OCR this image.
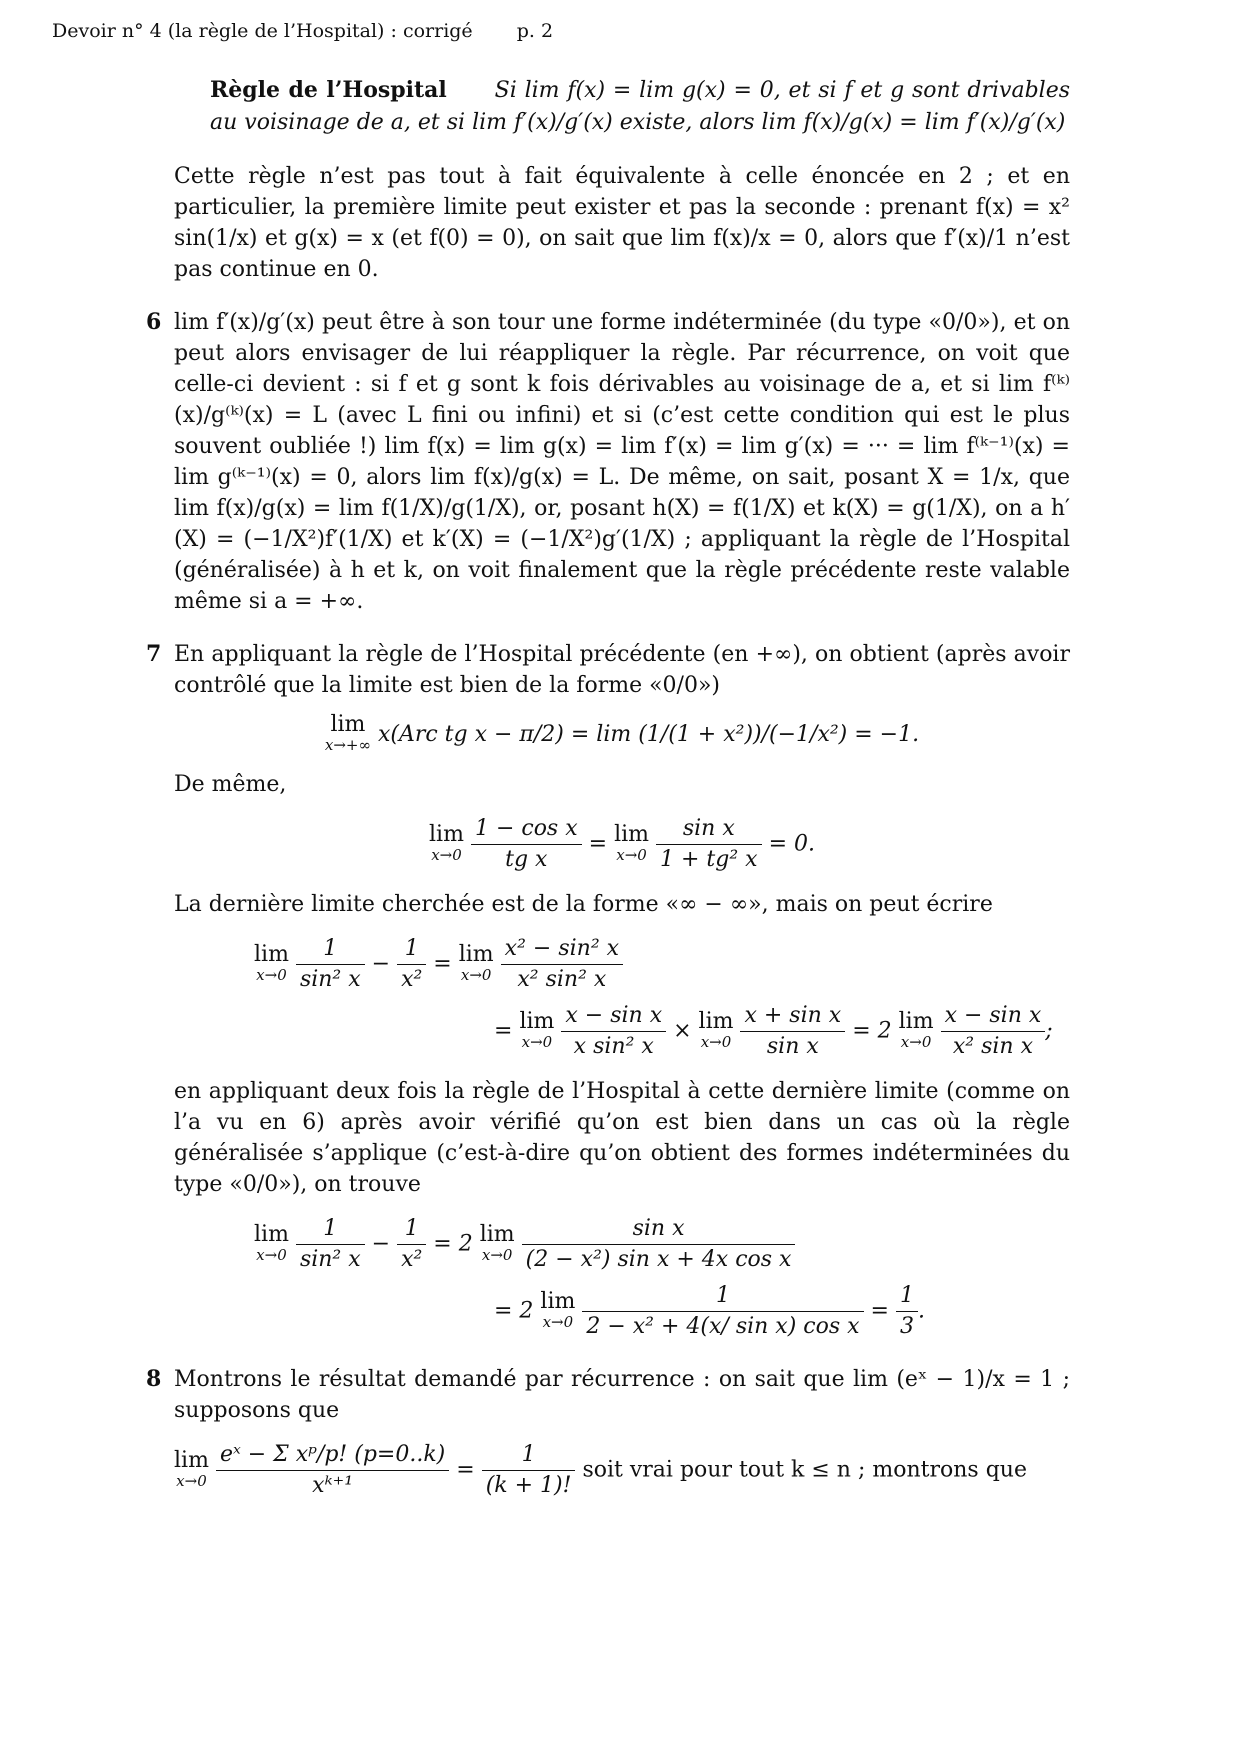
Devoir n° 4 (la règle de l’Hospital) : corrigé p. 2

Règle de l’Hospital Si lim f(x) = lim g(x) = 0, et si f et g sont drivables au voisinage de a, et si lim f′(x)/g′(x) existe, alors lim f(x)/g(x) = lim f′(x)/g′(x)

Cette règle n’est pas tout à fait équivalente à celle énoncée en 2 ; et en particulier, la première limite peut exister et pas la seconde : prenant f(x) = x² sin(1/x) et g(x) = x (et f(0) = 0), on sait que lim f(x)/x = 0, alors que f′(x)/1 n’est pas continue en 0.

6 lim f′(x)/g′(x) peut être à son tour une forme indéterminée (du type «0/0»), et on peut alors envisager de lui réappliquer la règle. Par récurrence, on voit que celle-ci devient : si f et g sont k fois dérivables au voisinage de a, et si lim f⁽ᵏ⁾(x)/g⁽ᵏ⁾(x) = L (avec L fini ou infini) et si (c’est cette condition qui est le plus souvent oubliée !) lim f(x) = lim g(x) = lim f′(x) = lim g′(x) = ··· = lim f⁽ᵏ⁻¹⁾(x) = lim g⁽ᵏ⁻¹⁾(x) = 0, alors lim f(x)/g(x) = L. De même, on sait, posant X = 1/x, que lim f(x)/g(x) = lim f(1/X)/g(1/X), or, posant h(X) = f(1/X) et k(X) = g(1/X), on a h′(X) = (−1/X²)f′(1/X) et k′(X) = (−1/X²)g′(1/X) ; appliquant la règle de l’Hospital (généralisée) à h et k, on voit finalement que la règle précédente reste valable même si a = +∞.

7 En appliquant la règle de l’Hospital précédente (en +∞), on obtient (après avoir contrôlé que la limite est bien de la forme «0/0»)

lim
x→+∞ x(Arc tg x − π/2) = lim (1/(1 + x²))/(−1/x²) = −1.

De même,

lim
x→0
$\frac{\text{1 − cos x}}{\text{tg x}} = \lim$
x→0
$\frac{\text{sin x}}{\text{1 + tg² x}} = 0$.

La dernière limite cherchée est de la forme «∞ − ∞», mais on peut écrire

lim
x→0
$\frac{1}{\text{sin² x}} - \frac{1}{\text{x²}} = \lim$
x→0
$\frac{\text{x² − sin² x}}{\text{x² sin² x}}$
= lim
x→0
$\frac{\text{x − sin x}}{\text{x sin² x}} \times \lim$
x→0
$\frac{\text{x + sin x}}{\text{sin x}} = 2$ lim
x→0
$\frac{\text{x − sin x}}{\text{x² sin x}}$ ;

en appliquant deux fois la règle de l’Hospital à cette dernière limite (comme on l’a vu en 6) après avoir vérifié qu’on est bien dans un cas où la règle généralisée s’applique (c’est-à-dire qu’on obtient des formes indéterminées du type «0/0»), on trouve

lim
x→0
$\frac{1}{\text{sin² x}} - \frac{1}{\text{x²}} = 2$ lim
x→0
$\frac{\text{sin x}}{\text{(2 − x²) sin x + 4x cos x}}$
= 2 lim
x→0
$\frac{1}{\text{2 − x² + 4(x/ sin x) cos x}} = \frac{1}{3}$ .
8 Montrons le résultat demandé par récurrence : on sait que lim (eˣ − 1)/x = 1 ; supposons que

lim
x→0
$\frac{\text{eˣ − Σ xᵖ/p! (p=0..k)}}{\text{xᵏ⁺¹}} = \frac{1}{(k + 1)!}$ soit vrai pour tout k ≤ n ; montrons que
